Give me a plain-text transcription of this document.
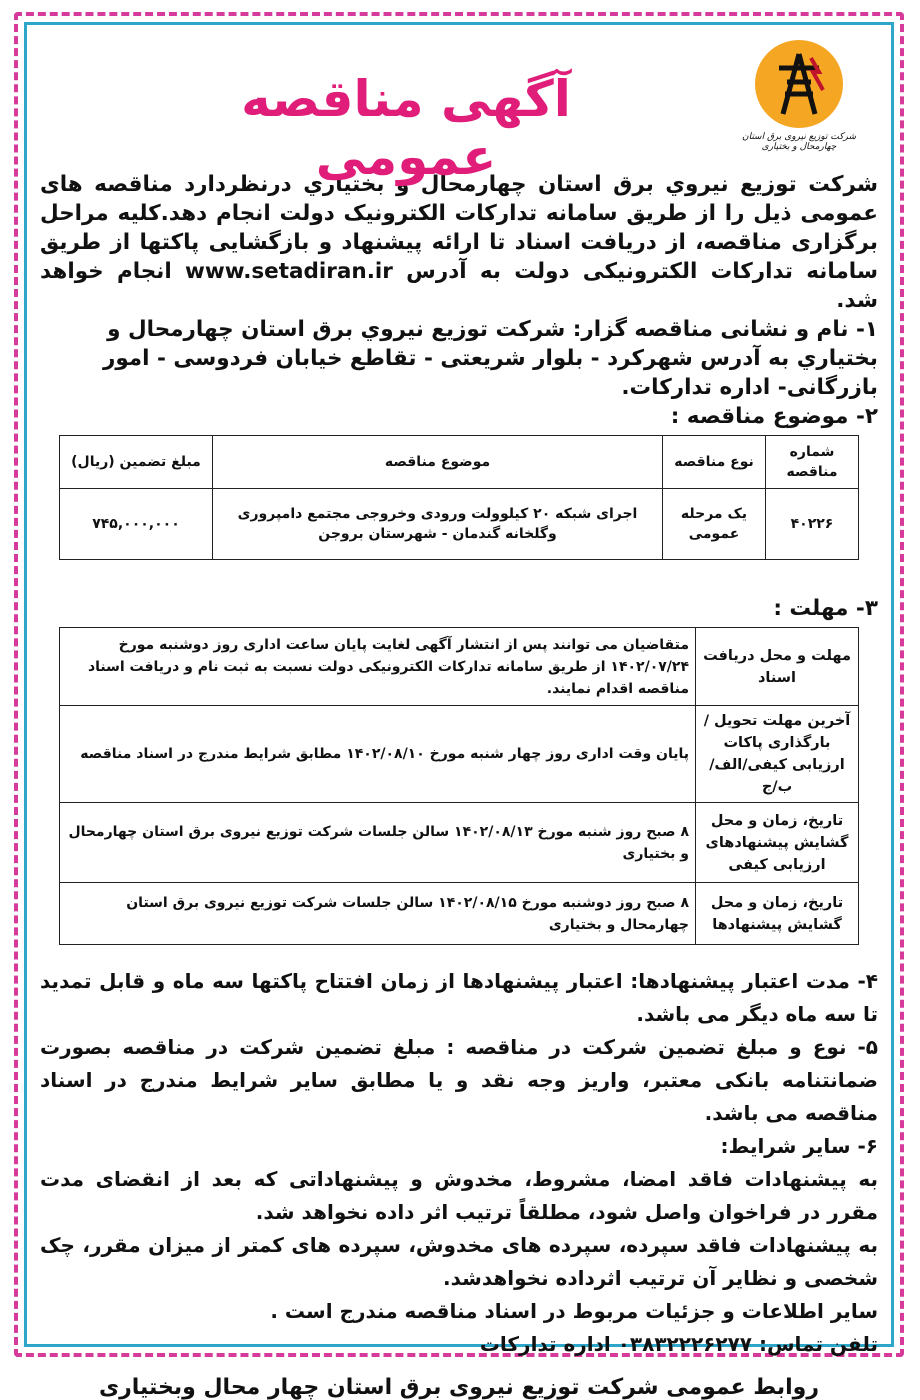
شرکت توزیع نیروی برق استان چهارمحال و بختیاری
آگهی مناقصه عمومی
شرکت توزیع نیروي برق استان چهارمحال و بختياري درنظردارد مناقصه های عمومی ذیل را از طریق سامانه تدارکات الکترونیک دولت انجام دهد.کلیه مراحل برگزاری مناقصه، از دریافت اسناد تا ارائه پیشنهاد و بازگشایی پاکتها از طریق سامانه تدارکات الکترونیکی دولت به آدرس www.setadiran.ir انجام خواهد شد.
۱- نام و نشانی مناقصه گزار: شرکت توزیع نیروي برق استان چهارمحال و بختياري به آدرس شهرکرد - بلوار شریعتی - تقاطع خیابان فردوسی - امور بازرگانی- اداره تدارکات.
۲- موضوع مناقصه :
شماره مناقصه	نوع مناقصه	موضوع مناقصه	مبلغ تضمین (ریال)
۴۰۲۲۶	یک مرحله عمومی	اجرای شبکه ۲۰ کیلوولت ورودی وخروجی مجتمع دامپروری وگلخانه گندمان - شهرستان بروجن	۷۴۵,۰۰۰,۰۰۰
۳- مهلت :
مهلت و محل دریافت اسناد	متقاضیان می توانند پس از انتشار آگهی لغایت پایان ساعت اداری روز دوشنبه مورخ ۱۴۰۲/۰۷/۲۴ از طریق سامانه تدارکات الکترونیکی دولت نسبت به ثبت نام و دریافت اسناد مناقصه اقدام نمایند.
آخرین مهلت تحویل / بارگذاری پاکات ارزیابی کیفی/الف/ب/ج	پایان وقت اداری روز چهار شنبه مورخ ۱۴۰۲/۰۸/۱۰ مطابق شرایط مندرج در اسناد مناقصه
تاریخ، زمان و محل گشایش پیشنهادهای ارزیابی کیفی	۸ صبح روز شنبه مورخ ۱۴۰۲/۰۸/۱۳ سالن جلسات شرکت توزیع نیروی برق استان چهارمحال و بختیاری
تاریخ، زمان و محل گشایش پیشنهادها	۸ صبح روز دوشنبه مورخ ۱۴۰۲/۰۸/۱۵ سالن جلسات شرکت توزیع نیروی برق استان چهارمحال و بختیاری
۴- مدت اعتبار پیشنهادها: اعتبار پیشنهادها از زمان افتتاح پاکتها سه ماه و قابل تمدید تا سه ماه دیگر می باشد.
۵- نوع و مبلغ تضمین شرکت در مناقصه : مبلغ تضمین شرکت در مناقصه بصورت ضمانتنامه بانکی معتبر، واریز وجه نقد و یا مطابق سایر شرایط مندرج در اسناد مناقصه می باشد.
۶- سایر شرایط:
به پیشنهادات فاقد امضا، مشروط، مخدوش و پیشنهاداتی که بعد از انقضای مدت مقرر در فراخوان واصل شود، مطلقاً ترتیب اثر داده نخواهد شد.
به پیشنهادات فاقد سپرده، سپرده های مخدوش، سپرده های کمتر از میزان مقرر، چک شخصی و نظایر آن ترتیب اثرداده نخواهدشد.
سایر اطلاعات و جزئیات مربوط در اسناد مناقصه مندرج است .
تلفن تماس: ۰۳۸۳۲۲۲۶۲۷۷ اداره تدارکات
روابط عمومی شرکت توزیع نیروی برق استان چهار محال وبختیاری
